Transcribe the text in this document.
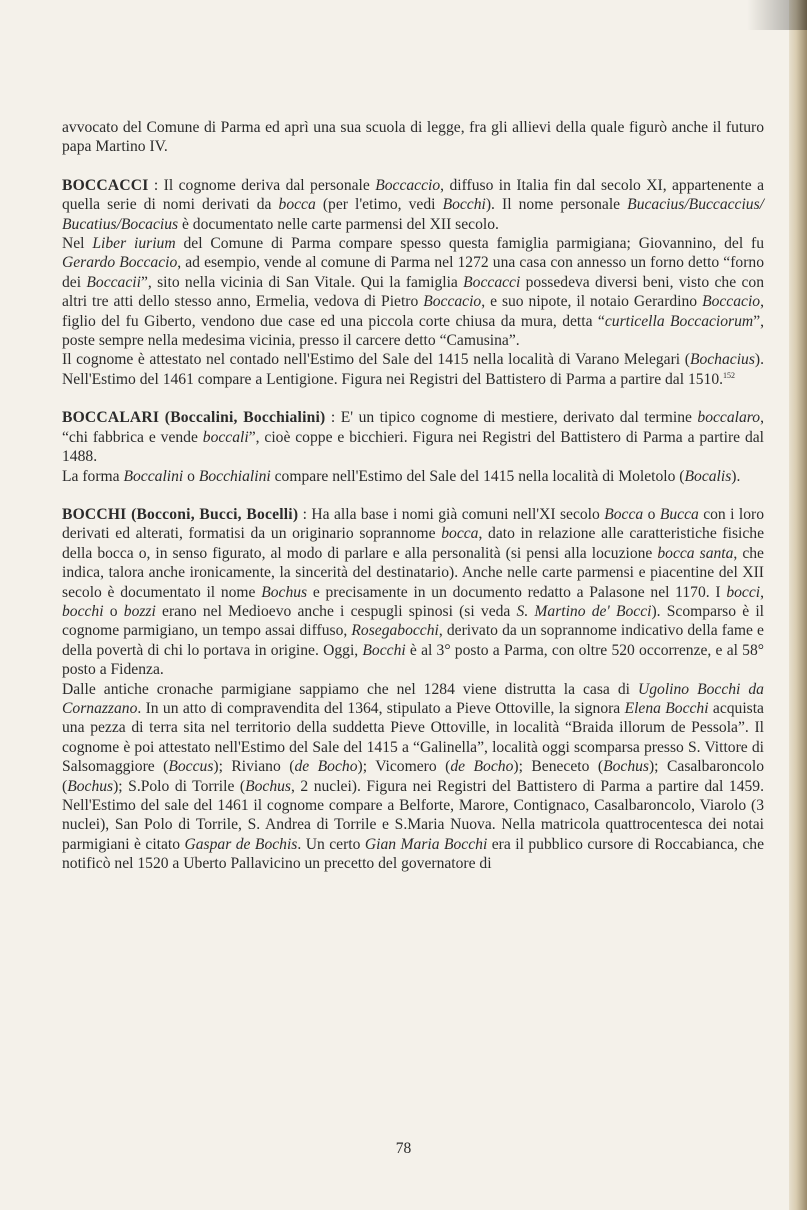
avvocato del Comune di Parma ed aprì una sua scuola di legge, fra gli allievi della quale figurò anche il futuro papa Martino IV.

BOCCACCI : Il cognome deriva dal personale Boccaccio, diffuso in Italia fin dal secolo XI, appartenente a quella serie di nomi derivati da bocca (per l'etimo, vedi Bocchi). Il nome personale Bucacius/Buccaccius/ Bucatius/Bocacius è documentato nelle carte parmensi del XII secolo.

Nel Liber iurium del Comune di Parma compare spesso questa famiglia parmigiana; Giovannino, del fu Gerardo Boccacio, ad esempio, vende al comune di Parma nel 1272 una casa con annesso un forno detto “forno dei Boccacii”, sito nella vicinia di San Vitale. Qui la famiglia Boccacci possedeva diversi beni, visto che con altri tre atti dello stesso anno, Ermelia, vedova di Pietro Boccacio, e suo nipote, il notaio Gerardino Boccacio, figlio del fu Giberto, vendono due case ed una piccola corte chiusa da mura, detta “curticella Boccaciorum”, poste sempre nella medesima vicinia, presso il carcere detto “Camusina”.

Il cognome è attestato nel contado nell'Estimo del Sale del 1415 nella località di Varano Melegari (Bochacius). Nell'Estimo del 1461 compare a Lentigione. Figura nei Registri del Battistero di Parma a partire dal 1510.$^{152}$

BOCCALARI (Boccalini, Bocchialini) : E' un tipico cognome di mestiere, derivato dal termine boccalaro, “chi fabbrica e vende boccali”, cioè coppe e bicchieri. Figura nei Registri del Battistero di Parma a partire dal 1488.

La forma Boccalini o Bocchialini compare nell'Estimo del Sale del 1415 nella località di Moletolo (Bocalis).

BOCCHI (Bocconi, Bucci, Bocelli) : Ha alla base i nomi già comuni nell'XI secolo Bocca o Bucca con i loro derivati ed alterati, formatisi da un originario soprannome bocca, dato in relazione alle caratteristiche fisiche della bocca o, in senso figurato, al modo di parlare e alla personalità (si pensi alla locuzione bocca santa, che indica, talora anche ironicamente, la sincerità del destinatario). Anche nelle carte parmensi e piacentine del XII secolo è documentato il nome Bochus e precisamente in un documento redatto a Palasone nel 1170. I bocci, bocchi o bozzi erano nel Medioevo anche i cespugli spinosi (si veda S. Martino de' Bocci). Scomparso è il cognome parmigiano, un tempo assai diffuso, Rosegabocchi, derivato da un soprannome indicativo della fame e della povertà di chi lo portava in origine. Oggi, Bocchi è al 3° posto a Parma, con oltre 520 occorrenze, e al 58° posto a Fidenza.

Dalle antiche cronache parmigiane sappiamo che nel 1284 viene distrutta la casa di Ugolino Bocchi da Cornazzano. In un atto di compravendita del 1364, stipulato a Pieve Ottoville, la signora Elena Bocchi acquista una pezza di terra sita nel territorio della suddetta Pieve Ottoville, in località “Braida illorum de Pessola”. Il cognome è poi attestato nell'Estimo del Sale del 1415 a “Galinella”, località oggi scomparsa presso S. Vittore di Salsomaggiore (Boccus); Riviano (de Bocho); Vicomero (de Bocho); Beneceto (Bochus); Casalbaroncolo (Bochus); S.Polo di Torrile (Bochus, 2 nuclei). Figura nei Registri del Battistero di Parma a partire dal 1459. Nell'Estimo del sale del 1461 il cognome compare a Belforte, Marore, Contignaco, Casalbaroncolo, Viarolo (3 nuclei), San Polo di Torrile, S. Andrea di Torrile e S.Maria Nuova. Nella matricola quattrocentesca dei notai parmigiani è citato Gaspar de Bochis. Un certo Gian Maria Bocchi era il pubblico cursore di Roccabianca, che notificò nel 1520 a Uberto Pallavicino un precetto del governatore di

78
